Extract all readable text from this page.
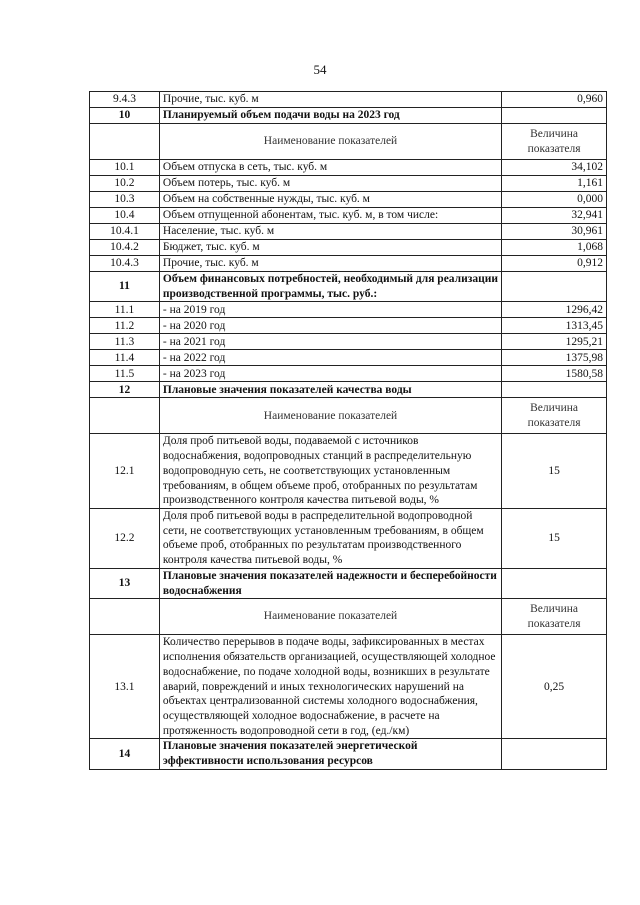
54
9.4.3	Прочие, тыс. куб. м	0,960
10	Планируемый объем подачи воды на 2023 год	
	Наименование показателей	Величина показателя
10.1	Объем отпуска в сеть, тыс. куб. м	34,102
10.2	Объем потерь, тыс. куб. м	1,161
10.3	Объем на собственные нужды, тыс. куб. м	0,000
10.4	Объем отпущенной абонентам, тыс. куб. м, в том числе:	32,941
10.4.1	Население, тыс. куб. м	30,961
10.4.2	Бюджет, тыс. куб. м	1,068
10.4.3	Прочие, тыс. куб. м	0,912
11	Объем финансовых потребностей, необходимый для реализации производственной программы, тыс. руб.:	
11.1	- на 2019 год	1296,42
11.2	- на 2020 год	1313,45
11.3	- на 2021 год	1295,21
11.4	- на 2022 год	1375,98
11.5	- на 2023 год	1580,58
12	Плановые значения показателей качества воды	
	Наименование показателей	Величина показателя
12.1	Доля проб питьевой воды, подаваемой с источников водоснабжения, водопроводных станций в распределительную водопроводную сеть, не соответствующих установленным требованиям, в общем объеме проб, отобранных по результатам производственного контроля качества питьевой воды, %	15
12.2	Доля проб питьевой воды в распределительной водопроводной сети, не соответствующих установленным требованиям, в общем объеме проб, отобранных по результатам производственного контроля качества питьевой воды, %	15
13	Плановые значения показателей надежности и бесперебойности водоснабжения	
	Наименование показателей	Величина показателя
13.1	Количество перерывов в подаче воды, зафиксированных в местах исполнения обязательств организацией, осуществляющей холодное водоснабжение, по подаче холодной воды, возникших в результате аварий, повреждений и иных технологических нарушений на объектах централизованной системы холодного водоснабжения, осуществляющей холодное водоснабжение, в расчете на протяженность водопроводной сети в год, (ед./км)	0,25
14	Плановые значения показателей энергетической эффективности использования ресурсов	
